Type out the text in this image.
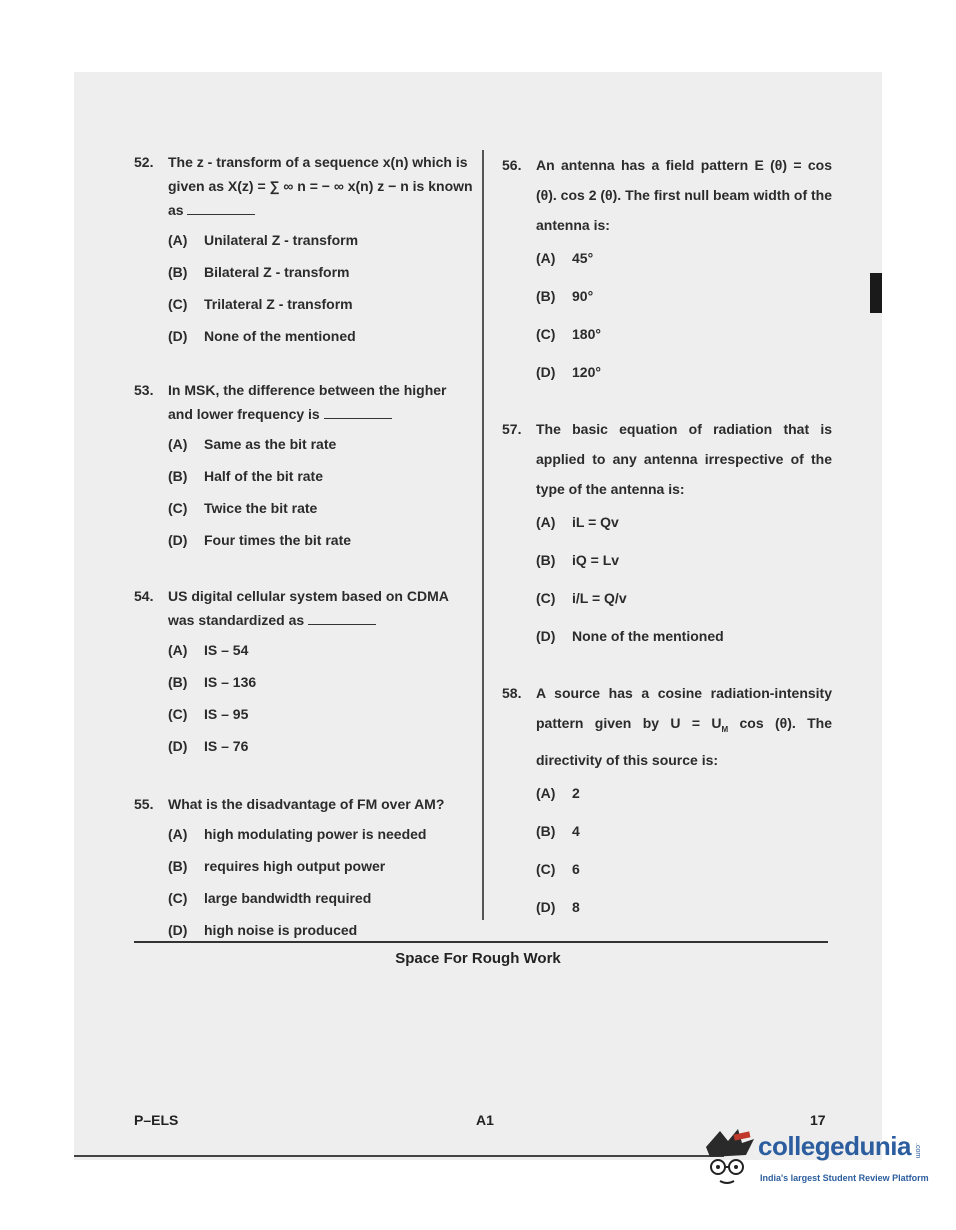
52.	The z - transform of a sequence x(n) which is given as X(z) = ∑ ∞ n = − ∞ x(n) z − n is known as
(A)	Unilateral Z - transform
(B)	Bilateral Z - transform
(C)	Trilateral Z - transform
(D)	None of the mentioned
53.	In MSK, the difference between the higher and lower frequency is
(A)	Same as the bit rate
(B)	Half of the bit rate
(C)	Twice the bit rate
(D)	Four times the bit rate
54.	US digital cellular system based on CDMA was standardized as
(A)	IS – 54
(B)	IS – 136
(C)	IS – 95
(D)	IS – 76
55.	What is the disadvantage of FM over AM?
(A)	high modulating power is needed
(B)	requires high output power
(C)	large bandwidth required
(D)	high noise is produced
56.	An antenna has a field pattern E (θ) = cos (θ). cos 2 (θ). The first null beam width of the antenna is:
(A)	45°
(B)	90°
(C)	180°
(D)	120°
57.	The basic equation of radiation that is applied to any antenna irrespective of the type of the antenna is:
(A)	iL = Qv
(B)	iQ = Lv
(C)	i/L = Q/v
(D)	None of the mentioned
58.	A source has a cosine radiation-intensity pattern given by $U = U_M$ cos (θ). The directivity of this source is:
(A)	2
(B)	4
(C)	6
(D)	8
Space For Rough Work
P–ELS	A1	17
collegedunia .com
India's largest Student Review Platform
